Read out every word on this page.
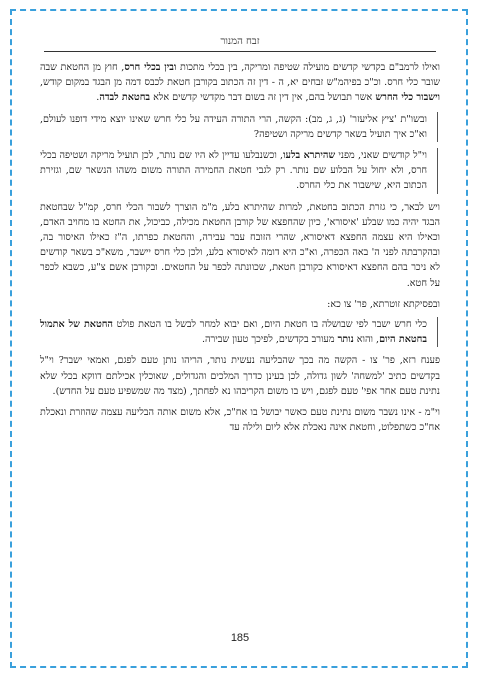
זבח המנור

ואילו לרמב"ם בקדשי קדשים מועילה שטיפה ומריקה, בין בכלי מתכות ובין בכלי חרס, חוץ מן החטאת שבה שובר כלי חרס. וכ"כ בפיהמ"ש זבחים יא, ה - דין זה הכתוב בקורבן חטאת לכבס דמה מן הבגד במקום קודש, וישבור כלי החרש אשר תבושל בהם, אין דין זה בשום דבר מקדשי קדשים אלא בחטאת לבדה.

ובשו"ת 'ציץ אליעזר' (ג, ג, מב): הקשה, הרי התורה העידה על כלי חרש שאינו יוצא מידי דופנו לעולם, וא"כ איך תועיל בשאר קדשים מריקה ושטיפה?

וי"ל קודשים שאני, מפני שהיתרא בלעו, וכשנבלעו עדיין לא היו שם נותר, לכן תועיל מריקה ושטיפה בכלי חרס, ולא יחול על הבלוע שם נותר. רק לגבי חטאת החמירה התורה משום משהו הנשאר שם, וגזירת הכתוב היא, שישבור את כלי החרס.

ויש לבאר, כי גזרת הכתוב בחטאת, למרות שהיתרא בלע, מ"מ הוצרך לשבור הכלי חרס, קמ"ל שבחטאת הבגד יהיה כמו שבלע 'איסורא', כיון שהחפצא של קורבן החטאת מכילה, כביכול, את החטא בו מחויב האדם, וכאילו היא עצמה החפצא דאיסורא, שהרי הזובח עבר עבירה, והחטאת כפרתו, ה"ז כאילו האיסור בה, ובהקרבתה לפני ה' באה הכפרה, וא"כ היא דומה לאיסורא בלע, ולכן כלי חרס יישבר, משא"כ בשאר קודשים לא ניכר בהם החפצא דאיסורא כקורבן חטאת, שכוונתה לכפר על החטאים. ובקורבן אשם צ"ע, כשבא לכפר על חטא.

ובפסיקתא זוטרתא, פר' צו כא:

כלי חרש ישבר לפי שבושלה בו חטאת היום, ואם יבוא למחר לבשל בו הטאת פולט החטאת של אתמול בחטאת היום, והוא נותר מעורב בקדשים, לפיכך טעון שבירה.

פענח רזא, פר' צו - הקשה מה בכך שהבליעה נעשית נותר, הריהו נותן טעם לפגם, ואמאי ישבר? וי"ל בקדשים כתיב 'למשחה' לשון גדולה, לכן בעינן כדרך המלכים והגדולים, שאוכלין אכילתם דווקא בכלי שלא נתינת טעם אחר אפי' טעם לפגם, ויש בו משום הקריבהו נא לפחתך, (מצד מה שמשפיע טעם על החדש).

וי"מ - אינו נשבר משום נתינת טעם כאשר יבושל בו אח"כ, אלא משום אותה הבליעה עצמה שהוזרת ונאכלת אח"כ כשתפלוט, וחטאת אינה נאכלת אלא ליום ולילה עד

185
